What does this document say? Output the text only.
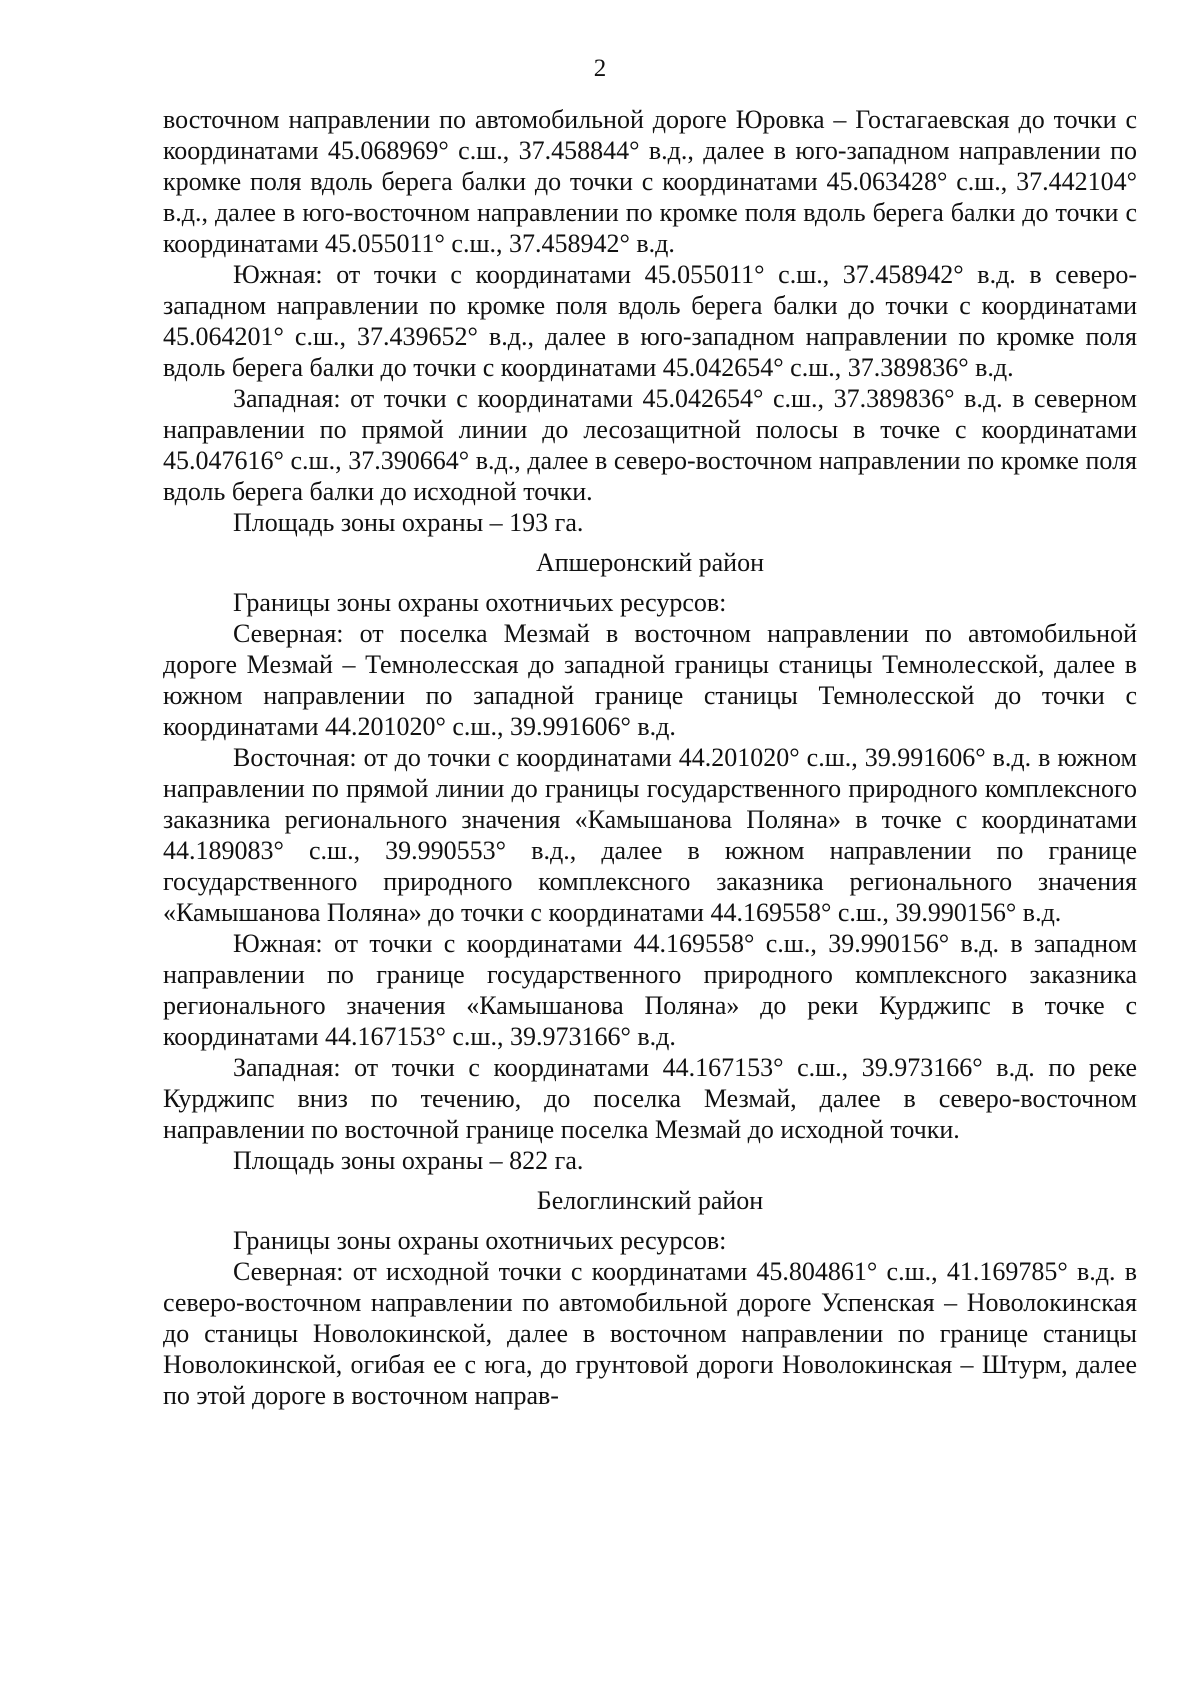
2

восточном направлении по автомобильной дороге Юровка – Гостагаевская до точки с координатами 45.068969° с.ш., 37.458844° в.д., далее в юго-западном направлении по кромке поля вдоль берега балки до точки с координатами 45.063428° с.ш., 37.442104° в.д., далее в юго-восточном направлении по кромке поля вдоль берега балки до точки с координатами 45.055011° с.ш., 37.458942° в.д.

Южная: от точки с координатами 45.055011° с.ш., 37.458942° в.д. в северо-западном направлении по кромке поля вдоль берега балки до точки с координатами 45.064201° с.ш., 37.439652° в.д., далее в юго-западном направлении по кромке поля вдоль берега балки до точки с координатами 45.042654° с.ш., 37.389836° в.д.

Западная: от точки с координатами 45.042654° с.ш., 37.389836° в.д. в северном направлении по прямой линии до лесозащитной полосы в точке с координатами 45.047616° с.ш., 37.390664° в.д., далее в северо-восточном направлении по кромке поля вдоль берега балки до исходной точки.

Площадь зоны охраны – 193 га.

Апшеронский район

Границы зоны охраны охотничьих ресурсов:

Северная: от поселка Мезмай в восточном направлении по автомобильной дороге Мезмай – Темнолесская до западной границы станицы Темнолесской, далее в южном направлении по западной границе станицы Темнолесской до точки с координатами 44.201020° с.ш., 39.991606° в.д.

Восточная: от до точки с координатами 44.201020° с.ш., 39.991606° в.д. в южном направлении по прямой линии до границы государственного природного комплексного заказника регионального значения «Камышанова Поляна» в точке с координатами 44.189083° с.ш., 39.990553° в.д., далее в южном направлении по границе государственного природного комплексного заказника регионального значения «Камышанова Поляна» до точки с координатами 44.169558° с.ш., 39.990156° в.д.

Южная: от точки с координатами 44.169558° с.ш., 39.990156° в.д. в западном направлении по границе государственного природного комплексного заказника регионального значения «Камышанова Поляна» до реки Курджипс в точке с координатами 44.167153° с.ш., 39.973166° в.д.

Западная: от точки с координатами 44.167153° с.ш., 39.973166° в.д. по реке Курджипс вниз по течению, до поселка Мезмай, далее в северо-восточном направлении по восточной границе поселка Мезмай до исходной точки.

Площадь зоны охраны – 822 га.

Белоглинский район

Границы зоны охраны охотничьих ресурсов:

Северная: от исходной точки с координатами 45.804861° с.ш., 41.169785° в.д. в северо-восточном направлении по автомобильной дороге Успенская – Новолокинская до станицы Новолокинской, далее в восточном направлении по границе станицы Новолокинской, огибая ее с юга, до грунтовой дороги Новолокинская – Штурм, далее по этой дороге в восточном направ-
